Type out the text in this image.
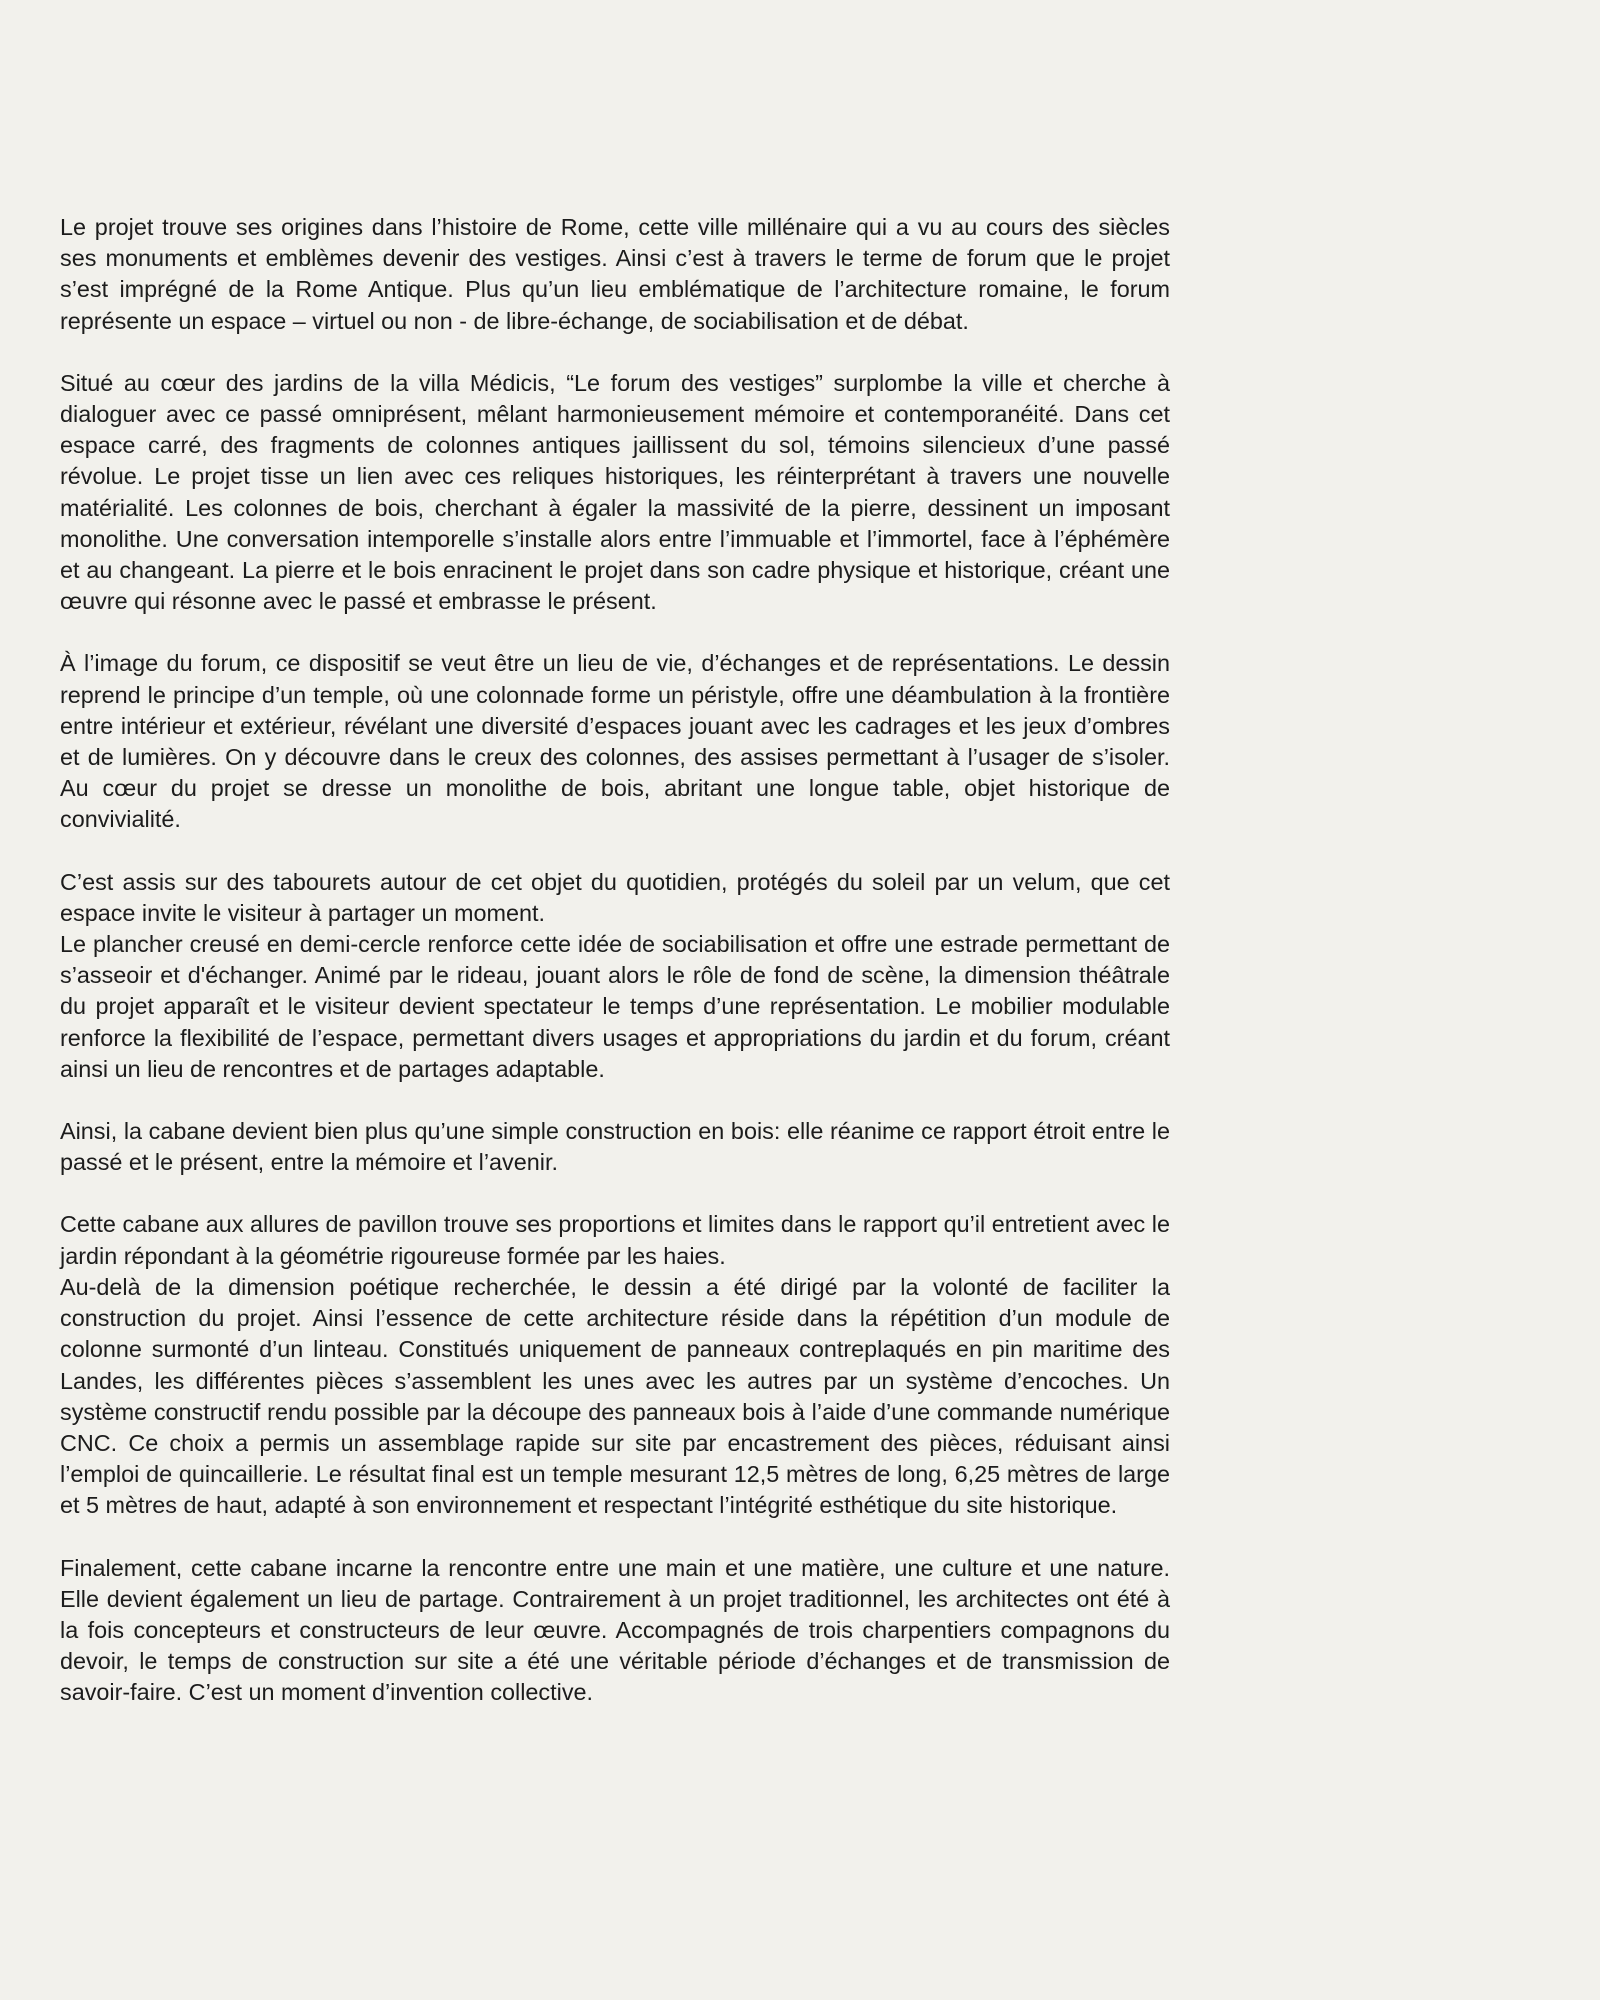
Le projet trouve ses origines dans l’histoire de Rome, cette ville millénaire qui a vu au cours des siècles ses monuments et emblèmes devenir des vestiges. Ainsi c’est à travers le terme de forum que le projet s’est imprégné de la Rome Antique. Plus qu’un lieu emblématique de l’architecture romaine, le forum représente un espace – virtuel ou non - de libre-échange, de sociabilisation et de débat.

Situé au cœur des jardins de la villa Médicis, “Le forum des vestiges” surplombe la ville et cherche à dialoguer avec ce passé omniprésent, mêlant harmonieusement mémoire et contemporanéité. Dans cet espace carré, des fragments de colonnes antiques jaillissent du sol, témoins silencieux d’une passé révolue. Le projet tisse un lien avec ces reliques historiques, les réinterprétant à travers une nouvelle matérialité. Les colonnes de bois, cherchant à égaler la massivité de la pierre, dessinent un imposant monolithe. Une conversation intemporelle s’installe alors entre l’immuable et l’immortel, face à l’éphémère et au changeant. La pierre et le bois enracinent le projet dans son cadre physique et historique, créant une œuvre qui résonne avec le passé et embrasse le présent.

À l’image du forum, ce dispositif se veut être un lieu de vie, d’échanges et de représentations. Le dessin reprend le principe d’un temple, où une colonnade forme un péristyle, offre une déambulation à la frontière entre intérieur et extérieur, révélant une diversité d’espaces jouant avec les cadrages et les jeux d’ombres et de lumières. On y découvre dans le creux des colonnes, des assises permettant à l’usager de s’isoler. Au cœur du projet se dresse un monolithe de bois, abritant une longue table, objet historique de convivialité.

C’est assis sur des tabourets autour de cet objet du quotidien, protégés du soleil par un velum, que cet espace invite le visiteur à partager un moment.
Le plancher creusé en demi-cercle renforce cette idée de sociabilisation et offre une estrade permettant de s’asseoir et d'échanger. Animé par le rideau, jouant alors le rôle de fond de scène, la dimension théâtrale du projet apparaît et le visiteur devient spectateur le temps d’une représentation. Le mobilier modulable renforce la flexibilité de l’espace, permettant divers usages et appropriations du jardin et du forum, créant ainsi un lieu de rencontres et de partages adaptable.

Ainsi, la cabane devient bien plus qu’une simple construction en bois: elle réanime ce rapport étroit entre le passé et le présent, entre la mémoire et l’avenir.

Cette cabane aux allures de pavillon trouve ses proportions et limites dans le rapport qu’il entretient avec le jardin répondant à la géométrie rigoureuse formée par les haies.
Au-delà de la dimension poétique recherchée, le dessin a été dirigé par la volonté de faciliter la construction du projet. Ainsi l’essence de cette architecture réside dans la répétition d’un module de colonne surmonté d’un linteau. Constitués uniquement de panneaux contreplaqués en pin maritime des Landes, les différentes pièces s’assemblent les unes avec les autres par un système d’encoches. Un système constructif rendu possible par la découpe des panneaux bois à l’aide d’une commande numérique CNC. Ce choix a permis un assemblage rapide sur site par encastrement des pièces, réduisant ainsi l’emploi de quincaillerie. Le résultat final est un temple mesurant 12,5 mètres de long, 6,25 mètres de large et 5 mètres de haut, adapté à son environnement et respectant l’intégrité esthétique du site historique.

Finalement, cette cabane incarne la rencontre entre une main et une matière, une culture et une nature. Elle devient également un lieu de partage. Contrairement à un projet traditionnel, les architectes ont été à la fois concepteurs et constructeurs de leur œuvre. Accompagnés de trois charpentiers compagnons du devoir, le temps de construction sur site a été une véritable période d’échanges et de transmission de savoir-faire. C’est un moment d’invention collective.
